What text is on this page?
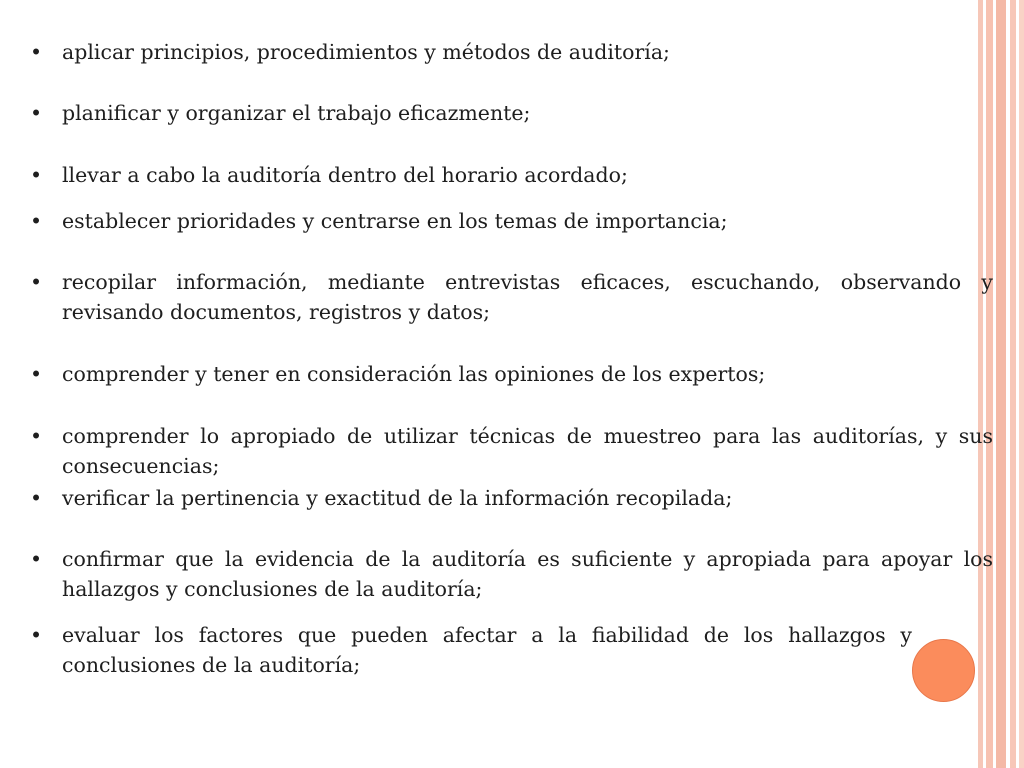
• aplicar principios, procedimientos y métodos de auditoría;
• planificar y organizar el trabajo eficazmente;
• llevar a cabo la auditoría dentro del horario acordado;
• establecer prioridades y centrarse en los temas de importancia;
• recopilar información, mediante entrevistas eficaces, escuchando, observando y revisando documentos, registros y datos;
• comprender y tener en consideración las opiniones de los expertos;
• comprender lo apropiado de utilizar técnicas de muestreo para las auditorías, y sus consecuencias;
• verificar la pertinencia y exactitud de la información recopilada;
• confirmar que la evidencia de la auditoría es suficiente y apropiada para apoyar los hallazgos y conclusiones de la auditoría;
• evaluar los factores que pueden afectar a la fiabilidad de los hallazgos y conclusiones de la auditoría;
